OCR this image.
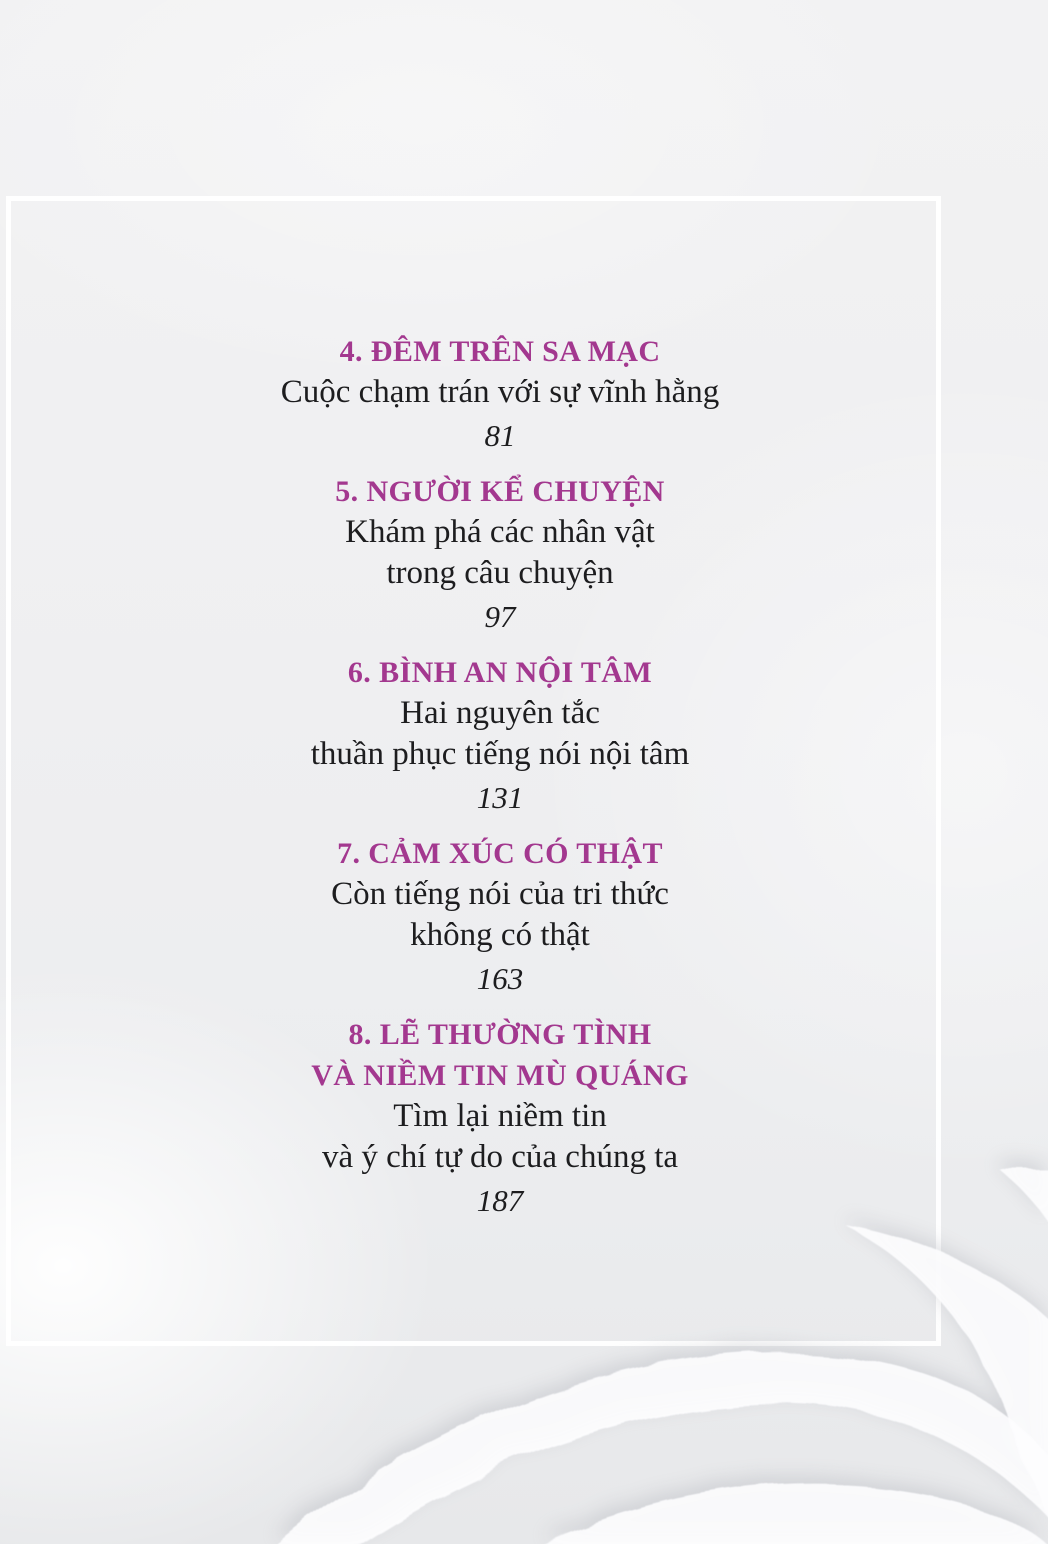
4. ĐÊM TRÊN SA MẠC

Cuộc chạm trán với sự vĩnh hằng

81

5. NGƯỜI KỂ CHUYỆN

Khám phá các nhân vật
trong câu chuyện

97

6. BÌNH AN NỘI TÂM

Hai nguyên tắc
thuần phục tiếng nói nội tâm

131

7. CẢM XÚC CÓ THẬT

Còn tiếng nói của tri thức
không có thật

163

8. LẼ THƯỜNG TÌNH
VÀ NIỀM TIN MÙ QUÁNG

Tìm lại niềm tin
và ý chí tự do của chúng ta

187
